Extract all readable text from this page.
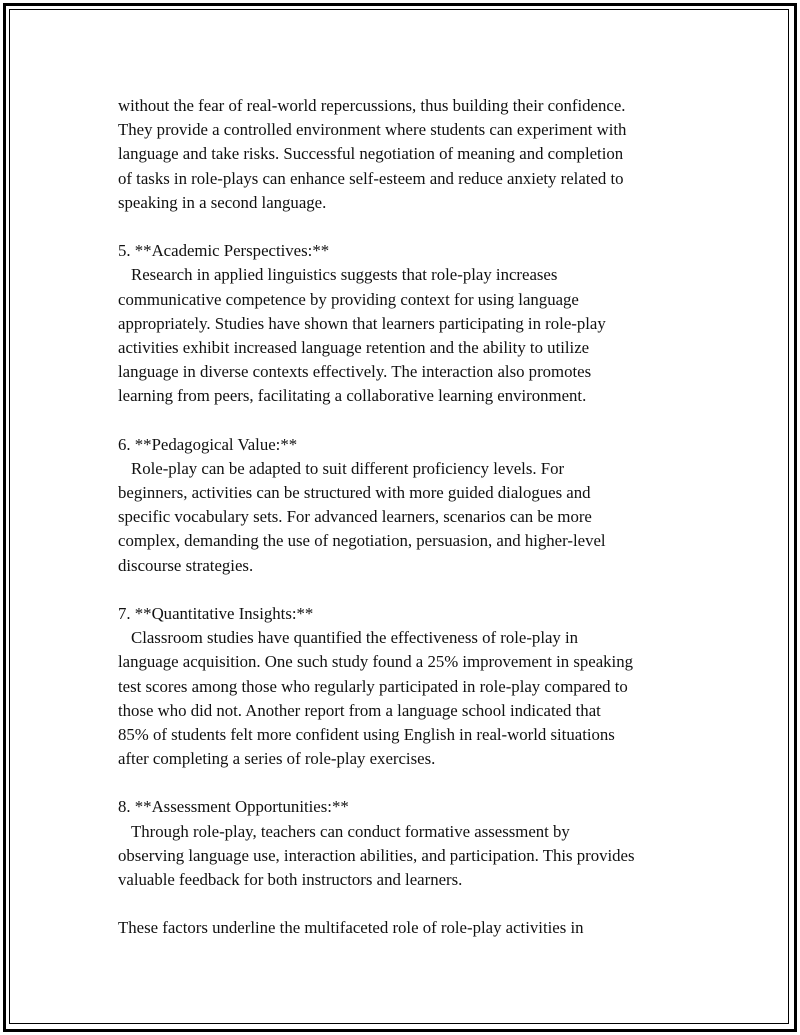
without the fear of real-world repercussions, thus building their confidence.
They provide a controlled environment where students can experiment with
language and take risks. Successful negotiation of meaning and completion
of tasks in role-plays can enhance self-esteem and reduce anxiety related to
speaking in a second language.
5. **Academic Perspectives:**
Research in applied linguistics suggests that role-play increases
communicative competence by providing context for using language
appropriately. Studies have shown that learners participating in role-play
activities exhibit increased language retention and the ability to utilize
language in diverse contexts effectively. The interaction also promotes
learning from peers, facilitating a collaborative learning environment.
6. **Pedagogical Value:**
Role-play can be adapted to suit different proficiency levels. For
beginners, activities can be structured with more guided dialogues and
specific vocabulary sets. For advanced learners, scenarios can be more
complex, demanding the use of negotiation, persuasion, and higher-level
discourse strategies.
7. **Quantitative Insights:**
Classroom studies have quantified the effectiveness of role-play in
language acquisition. One such study found a 25% improvement in speaking
test scores among those who regularly participated in role-play compared to
those who did not. Another report from a language school indicated that
85% of students felt more confident using English in real-world situations
after completing a series of role-play exercises.
8. **Assessment Opportunities:**
Through role-play, teachers can conduct formative assessment by
observing language use, interaction abilities, and participation. This provides
valuable feedback for both instructors and learners.
These factors underline the multifaceted role of role-play activities in
